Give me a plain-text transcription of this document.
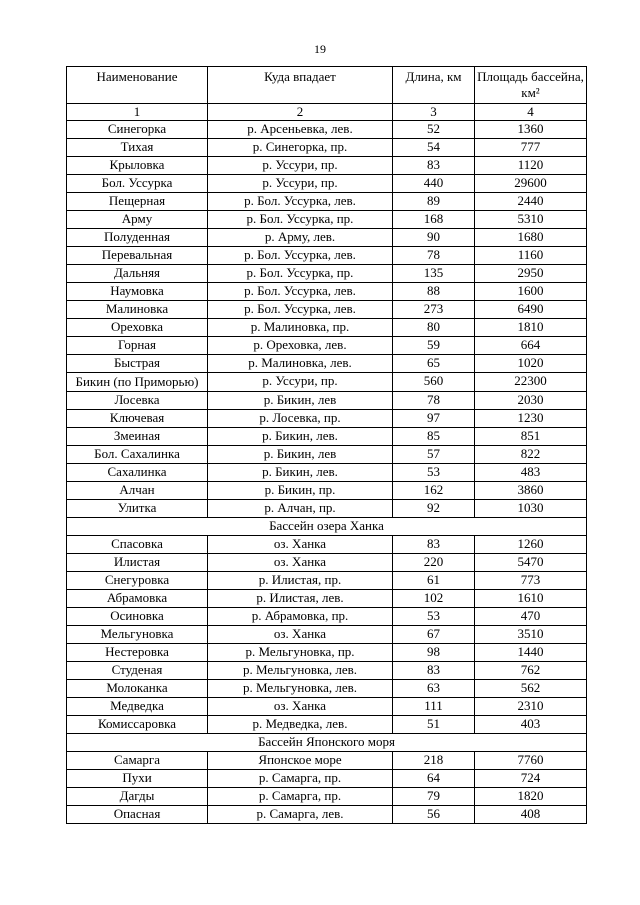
19
Наименование	Куда впадает	Длина, км	Площадь бассейна, км²
1	2	3	4
Синегорка	р. Арсеньевка, лев.	52	1360
Тихая	р. Синегорка, пр.	54	777
Крыловка	р. Уссури, пр.	83	1120
Бол. Уссурка	р. Уссури, пр.	440	29600
Пещерная	р. Бол. Уссурка, лев.	89	2440
Арму	р. Бол. Уссурка, пр.	168	5310
Полуденная	р. Арму, лев.	90	1680
Перевальная	р. Бол. Уссурка, лев.	78	1160
Дальняя	р. Бол. Уссурка, пр.	135	2950
Наумовка	р. Бол. Уссурка, лев.	88	1600
Малиновка	р. Бол. Уссурка, лев.	273	6490
Ореховка	р. Малиновка, пр.	80	1810
Горная	р. Ореховка, лев.	59	664
Быстрая	р. Малиновка, лев.	65	1020
Бикин (по Приморью)	р. Уссури, пр.	560	22300
Лосевка	р. Бикин, лев	78	2030
Ключевая	р. Лосевка, пр.	97	1230
Змеиная	р. Бикин, лев.	85	851
Бол. Сахалинка	р. Бикин, лев	57	822
Сахалинка	р. Бикин, лев.	53	483
Алчан	р. Бикин, пр.	162	3860
Улитка	р. Алчан, пр.	92	1030
Бассейн озера Ханка			
Спасовка	оз. Ханка	83	1260
Илистая	оз. Ханка	220	5470
Снегуровка	р. Илистая, пр.	61	773
Абрамовка	р. Илистая, лев.	102	1610
Осиновка	р. Абрамовка, пр.	53	470
Мельгуновка	оз. Ханка	67	3510
Нестеровка	р. Мельгуновка, пр.	98	1440
Студеная	р. Мельгуновка, лев.	83	762
Молоканка	р. Мельгуновка, лев.	63	562
Медведка	оз. Ханка	111	2310
Комиссаровка	р. Медведка, лев.	51	403
Бассейн Японского моря			
Самарга	Японское море	218	7760
Пухи	р. Самарга, пр.	64	724
Дагды	р. Самарга, пр.	79	1820
Опасная	р. Самарга, лев.	56	408
